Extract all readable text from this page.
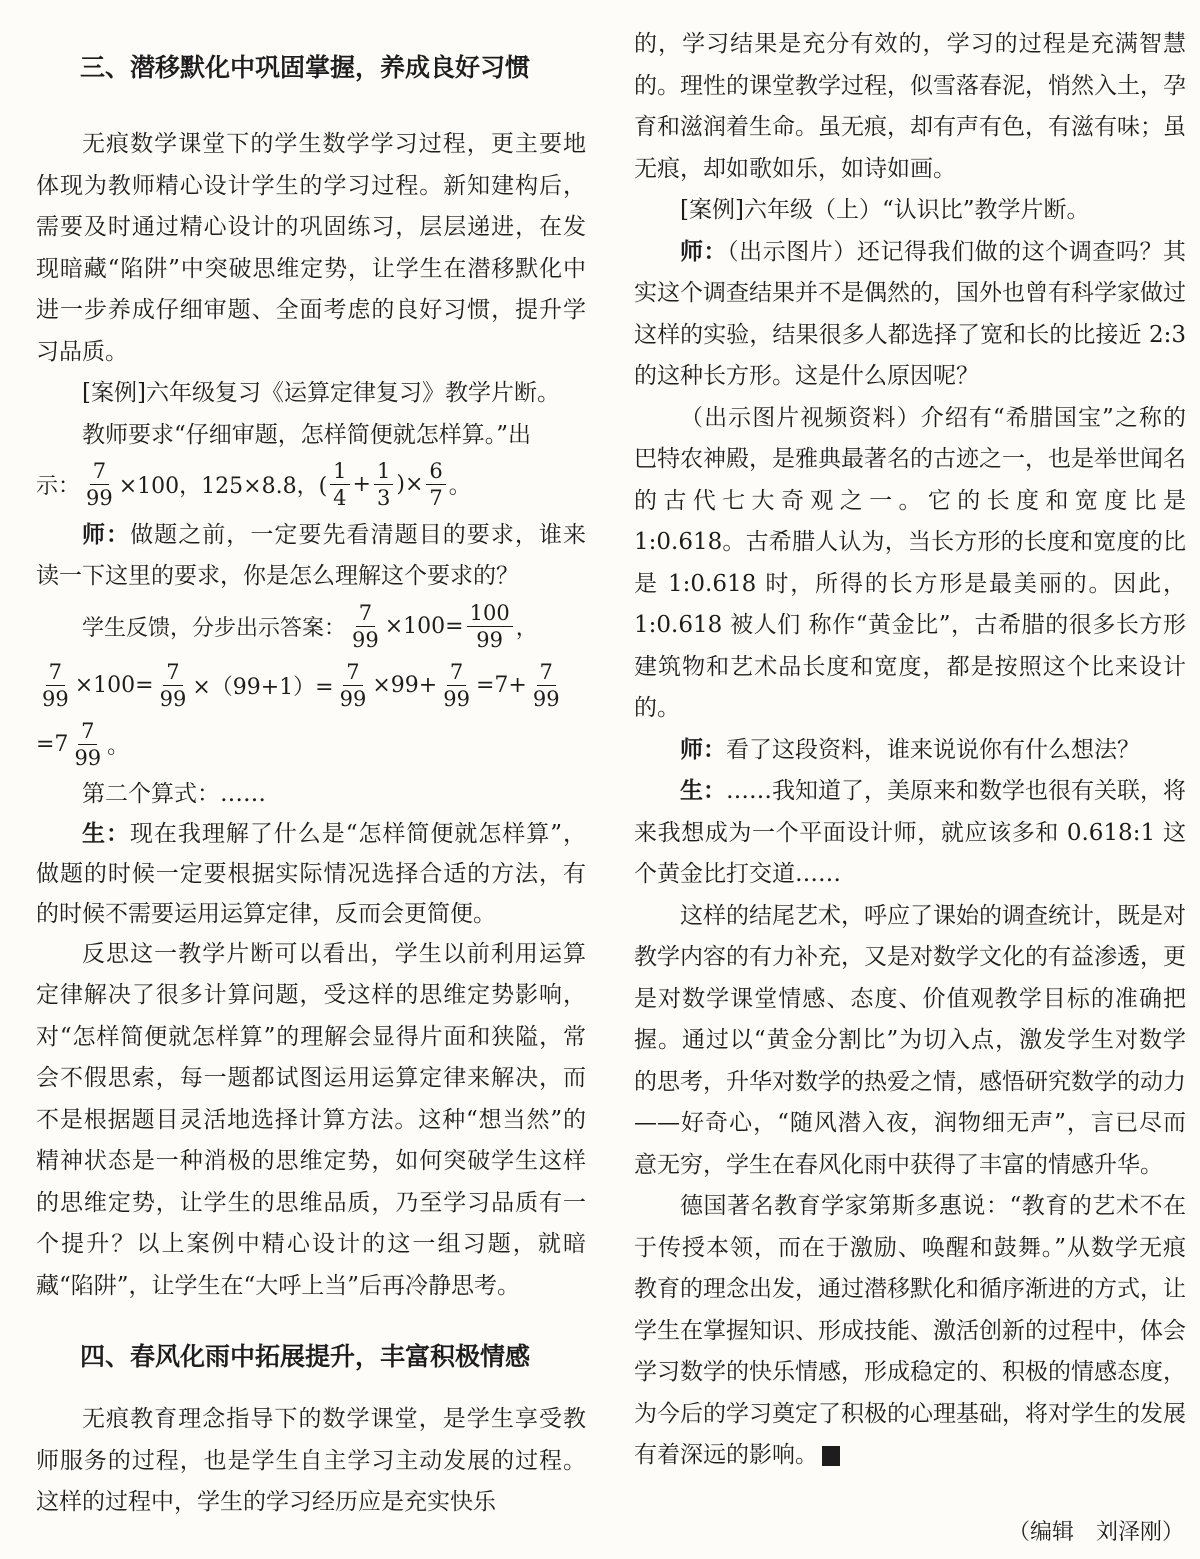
三、潜移默化中巩固掌握，养成良好习惯

无痕数学课堂下的学生数学学习过程，更主要地体现为教师精心设计学生的学习过程。新知建构后，需要及时通过精心设计的巩固练习，层层递进，在发现暗藏“陷阱”中突破思维定势，让学生在潜移默化中进一步养成仔细审题、全面考虑的良好习惯，提升学习品质。

[案例]六年级复习《运算定律复习》教学片断。

教师要求“仔细审题，怎样简便就怎样算。”出

示： $\frac{7}{99} \times 100$，125×8.8，( $\frac{1}{4} + \frac{1}{3}$ )× $\frac{6}{7}$ 。

师：做题之前，一定要先看清题目的要求，谁来读一下这里的要求，你是怎么理解这个要求的？

学生反馈，分步出示答案： $\frac{7}{99} \times 100= \frac{100}{99}$ ，
$\frac{7}{99} \times 100= \frac{7}{99} \times(99+1)= \frac{7}{99} \times 99+ \frac{7}{99} =7+ \frac{7}{99}$
$=7 \frac{7}{99}$ 。

第二个算式：……

生：现在我理解了什么是“怎样简便就怎样算”，做题的时候一定要根据实际情况选择合适的方法，有的时候不需要运用运算定律，反而会更简便。

反思这一教学片断可以看出，学生以前利用运算定律解决了很多计算问题，受这样的思维定势影响，对“怎样简便就怎样算”的理解会显得片面和狭隘，常会不假思索，每一题都试图运用运算定律来解决，而不是根据题目灵活地选择计算方法。这种“想当然”的精神状态是一种消极的思维定势，如何突破学生这样的思维定势，让学生的思维品质，乃至学习品质有一个提升？以上案例中精心设计的这一组习题，就暗藏“陷阱”，让学生在“大呼上当”后再冷静思考。

四、春风化雨中拓展提升，丰富积极情感

无痕教育理念指导下的数学课堂，是学生享受教师服务的过程，也是学生自主学习主动发展的过程。这样的过程中，学生的学习经历应是充实快乐

的，学习结果是充分有效的，学习的过程是充满智慧的。理性的课堂教学过程，似雪落春泥，悄然入土，孕育和滋润着生命。虽无痕，却有声有色，有滋有味；虽无痕，却如歌如乐，如诗如画。

[案例]六年级（上）“认识比”教学片断。

师：（出示图片）还记得我们做的这个调查吗？其实这个调查结果并不是偶然的，国外也曾有科学家做过这样的实验，结果很多人都选择了宽和长的比接近 2:3 的这种长方形。这是什么原因呢？

（出示图片视频资料）介绍有“希腊国宝”之称的巴特农神殿，是雅典最著名的古迹之一，也是举世闻名的古代七大奇观之一。它的长度和宽度比是 1:0.618。古希腊人认为，当长方形的长度和宽度的比是 1:0.618 时，所得的长方形是最美丽的。因此，1:0.618 被人们 称作“黄金比”，古希腊的很多长方形建筑物和艺术品长度和宽度，都是按照这个比来设计的。

师：看了这段资料，谁来说说你有什么想法？

生：……我知道了，美原来和数学也很有关联，将来我想成为一个平面设计师，就应该多和 0.618:1 这个黄金比打交道……

这样的结尾艺术，呼应了课始的调查统计，既是对教学内容的有力补充，又是对数学文化的有益渗透，更是对数学课堂情感、态度、价值观教学目标的准确把握。通过以“黄金分割比”为切入点，激发学生对数学的思考，升华对数学的热爱之情，感悟研究数学的动力——好奇心，“随风潜入夜，润物细无声”，言已尽而意无穷，学生在春风化雨中获得了丰富的情感升华。

德国著名教育学家第斯多惠说：“教育的艺术不在于传授本领，而在于激励、唤醒和鼓舞。”从数学无痕教育的理念出发，通过潜移默化和循序渐进的方式，让学生在掌握知识、形成技能、激活创新的过程中，体会学习数学的快乐情感，形成稳定的、积极的情感态度，为今后的学习奠定了积极的心理基础，将对学生的发展有着深远的影响。	jc

（编辑　刘泽刚）
